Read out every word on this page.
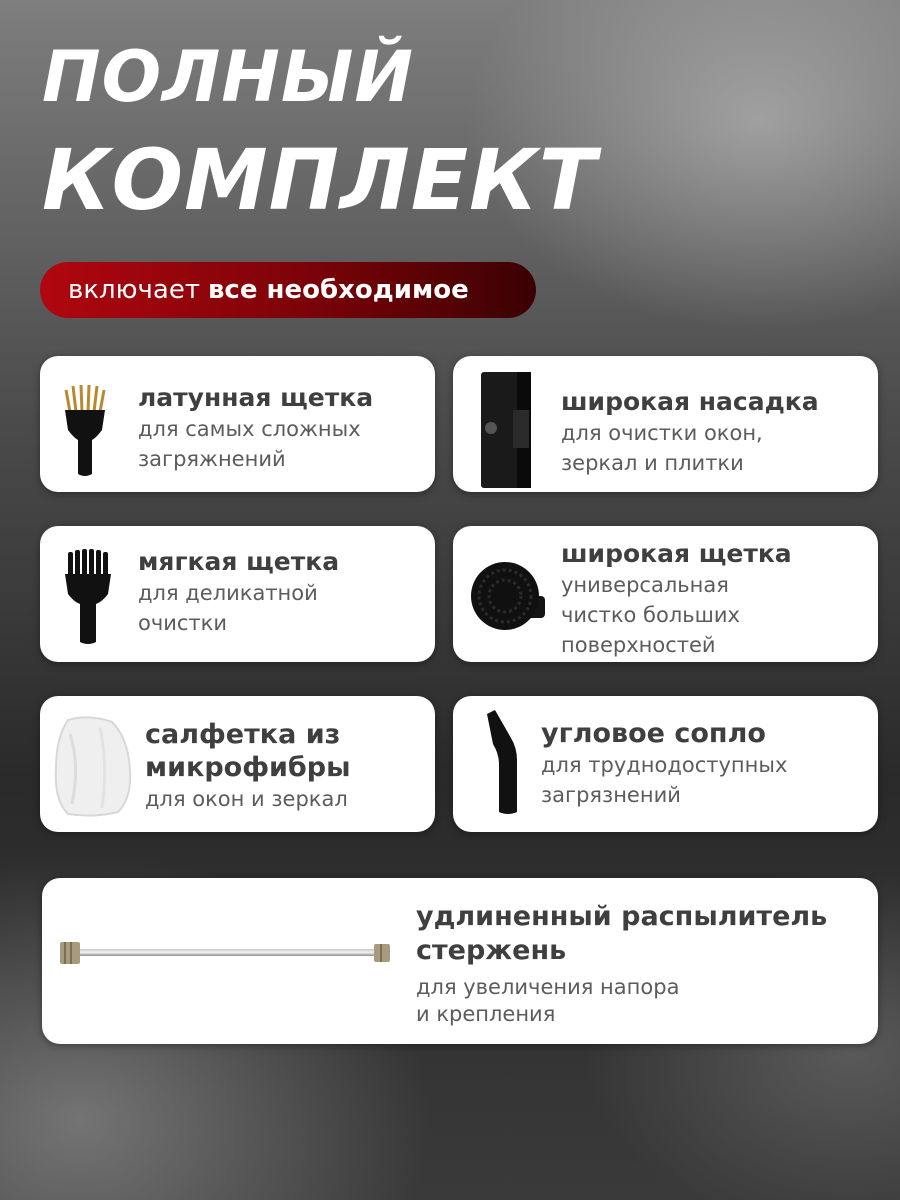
ПОЛНЫЙ
КОМПЛЕКТ
включает все необходимое
латунная щетка
для самых сложных
загряжнений
широкая насадка
для очистки окон,
зеркал и плитки
мягкая щетка
для деликатной
очистки
широкая щетка
универсальная
чистко больших
поверхностей
салфетка из
микрофибры
для окон и зеркал
угловое сопло
для труднодоступных
загрязнений
удлиненный распылитель
стержень
для увеличения напора
и крепления
